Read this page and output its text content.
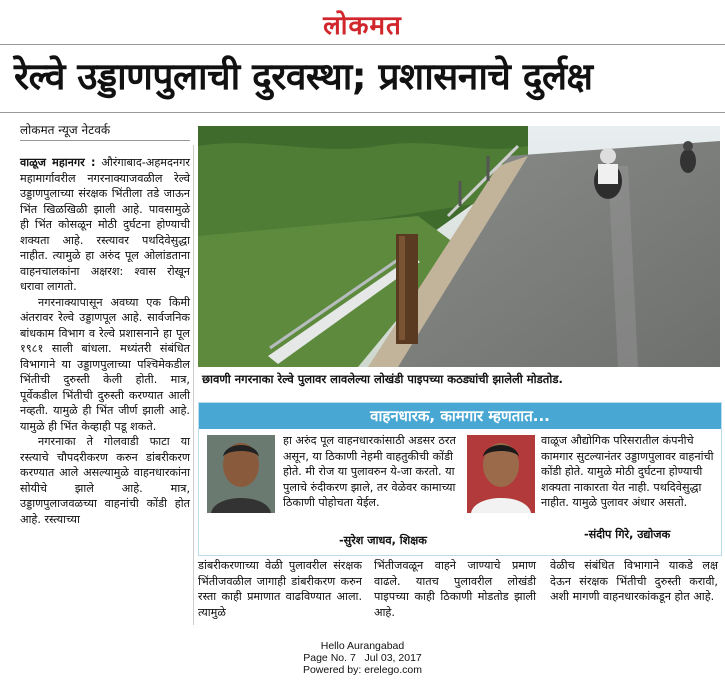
लोकमत
रेल्वे उड्डाणपुलाची दुरवस्था; प्रशासनाचे दुर्लक्ष
लोकमत न्यूज नेटवर्क

वाळूज महानगर : औरंगाबाद-अहमदनगर महामार्गावरील नगरनाक्याजवळील रेल्वे उड्डाणपुलाच्या संरक्षक भिंतीला तडे जाऊन भिंत खिळखिळी झाली आहे. पावसामुळे ही भिंत कोसळून मोठी दुर्घटना होण्याची शक्यता आहे. रस्त्यावर पथदिवेसुद्धा नाहीत. त्यामुळे हा अरुंद पूल ओलांडताना वाहनचालकांना अक्षरश: श्वास रोखून धरावा लागतो.

नगरनाक्यापासून अवघ्या एक किमी अंतरावर रेल्वे उड्डाणपूल आहे. सार्वजनिक बांधकाम विभाग व रेल्वे प्रशासनाने हा पूल १९८१ साली बांधला. मध्यंतरी संबंधित विभागाने या उड्डाणपुलाच्या पश्चिमेकडील भिंतीची दुरुस्ती केली होती. मात्र, पूर्वेकडील भिंतीची दुरुस्ती करण्यात आली नव्हती. यामुळे ही भिंत जीर्ण झाली आहे. यामुळे ही भिंत केव्हाही पडू शकते.

नगरनाका ते गोलवाडी फाटा या रस्त्याचे चौपदरीकरण करुन डांबरीकरण करण्यात आले असल्यामुळे वाहनधारकांना सोयीचे झाले आहे. मात्र, उड्डाणपुलाजवळच्या वाहनांची कोंडी होत आहे. रस्त्याच्या

छावणी नगरनाका रेल्वे पुलावर लावलेल्या लोखंडी पाइपच्या कठड्यांची झालेली मोडतोड.
वाहनधारक, कामगार म्हणतात...
हा अरुंद पूल वाहनधारकांसाठी अडसर ठरत असून, या ठिकाणी नेहमी वाहतुकीची कोंडी होते. मी रोज या पुलावरुन ये-जा करतो. या पुलाचे रुंदीकरण झाले, तर वेळेवर कामाच्या ठिकाणी पोहोचता येईल.
-सुरेश जाधव, शिक्षक
वाळूज औद्योगिक परिसरातील कंपनीचे कामगार सुटल्यानंतर उड्डाणपुलावर वाहनांची कोंडी होते. यामुळे मोठी दुर्घटना होण्याची शक्यता नाकारता येत नाही. पथदिवेसुद्धा नाहीत. यामुळे पुलावर अंधार असतो.
-संदीप गिरे, उद्योजक
डांबरीकरणाच्या वेळी पुलावरील संरक्षक भिंतीजवळील जागाही डांबरीकरण करुन रस्ता काही प्रमाणात वाढविण्यात आला. त्यामुळे
भिंतीजवळून वाहने जाण्याचे प्रमाण वाढले. यातच पुलावरील लोखंडी पाइपच्या काही ठिकाणी मोडतोड झाली आहे.
वेळीच संबंधित विभागाने याकडे लक्ष देऊन संरक्षक भिंतीची दुरुस्ती करावी, अशी मागणी वाहनधारकांकडून होत आहे.
Hello Aurangabad
Page No. 7   Jul 03, 2017
Powered by: erelego.com
